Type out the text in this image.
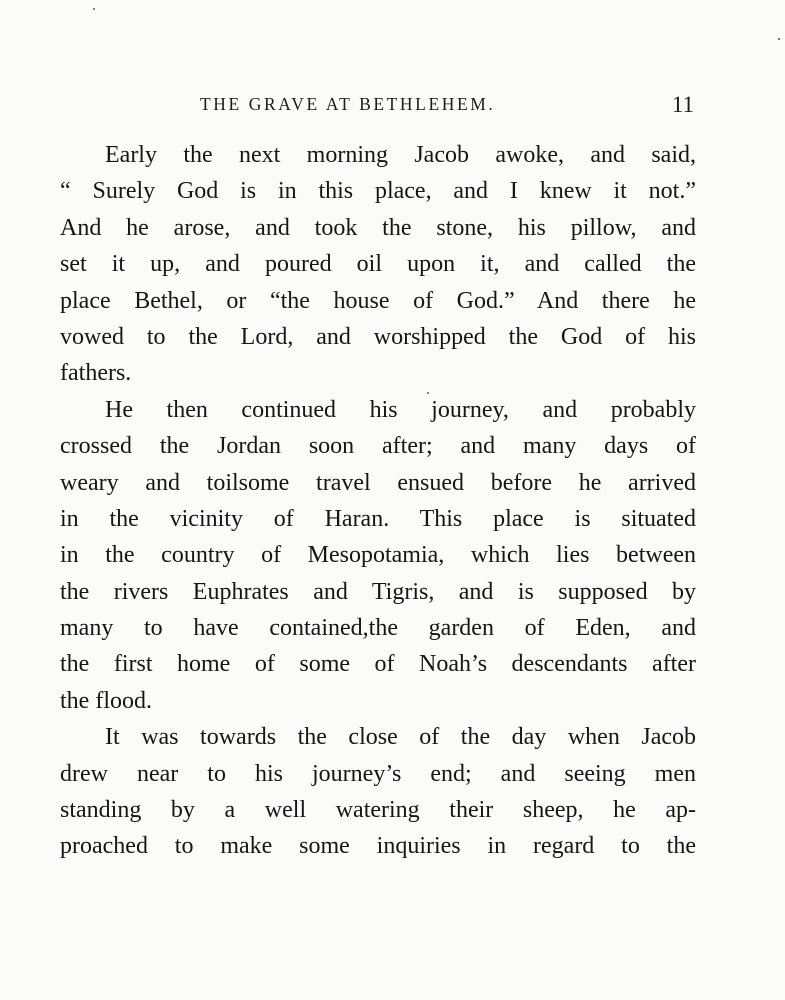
THE GRAVE AT BETHLEHEM.	11
Early the next morning Jacob awoke, and said,
“ Surely God is in this place, and I knew it not.”
And he arose, and took the stone, his pillow, and
set it up, and poured oil upon it, and called the
place Bethel, or “the house of God.” And there he
vowed to the Lord, and worshipped the God of his
fathers.
He then continued his journey, and probably
crossed the Jordan soon after; and many days of
weary and toilsome travel ensued before he arrived
in the vicinity of Haran. This place is situated
in the country of Mesopotamia, which lies between
the rivers Euphrates and Tigris, and is supposed by
many to have contained,the garden of Eden, and
the first home of some of Noah’s descendants after
the flood.
It was towards the close of the day when Jacob
drew near to his journey’s end; and seeing men
standing by a well watering their sheep, he ap-
proached to make some inquiries in regard to the
